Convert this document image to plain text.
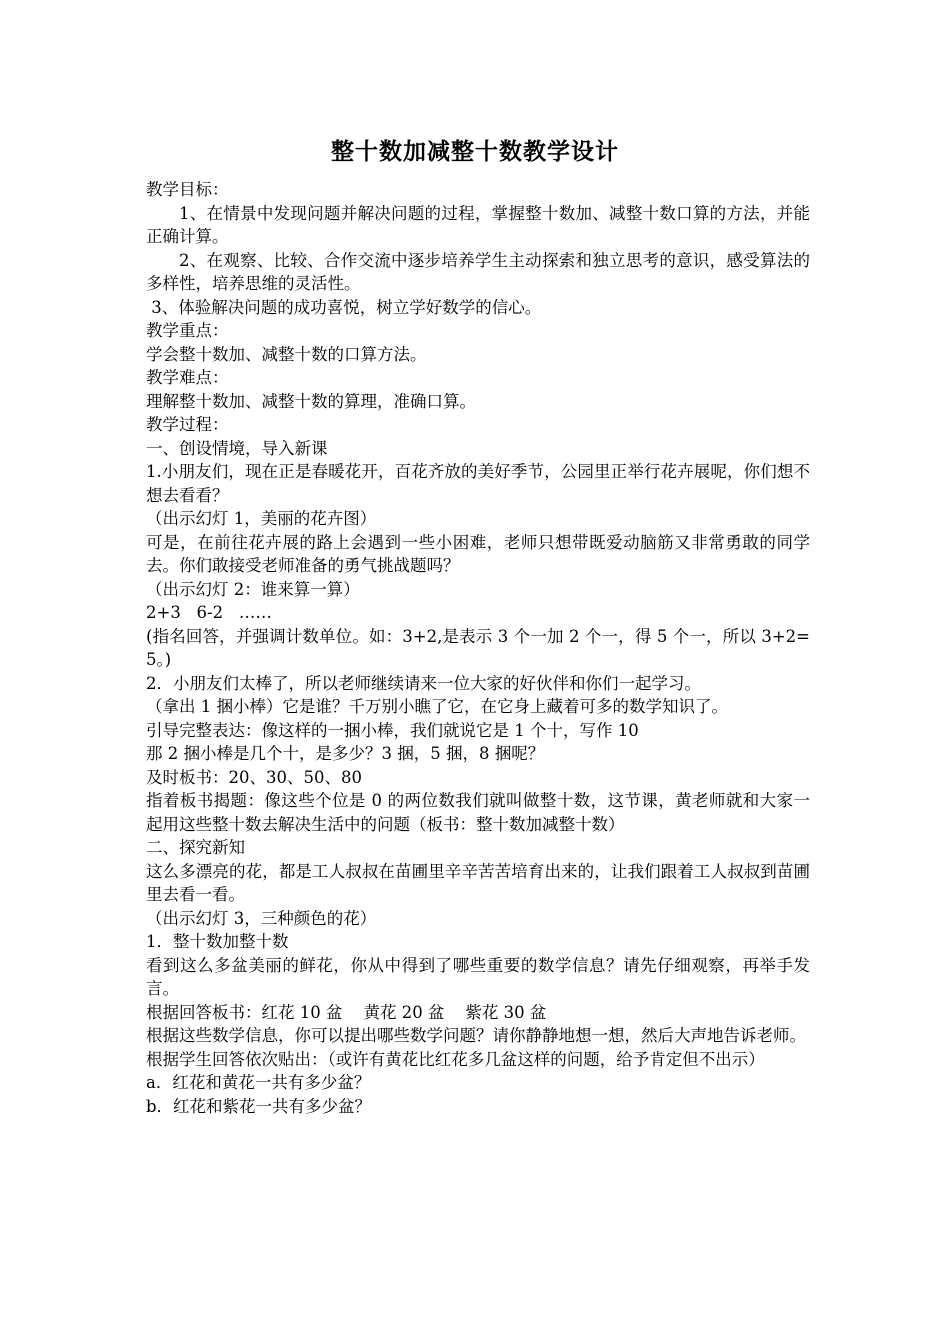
整十数加减整十数教学设计

教学目标：

1、在情景中发现问题并解决问题的过程，掌握整十数加、减整十数口算的方法，并能正确计算。

2、在观察、比较、合作交流中逐步培养学生主动探索和独立思考的意识，感受算法的多样性，培养思维的灵活性。

3、体验解决问题的成功喜悦，树立学好数学的信心。

教学重点：

学会整十数加、减整十数的口算方法。

教学难点：

理解整十数加、减整十数的算理，准确口算。

教学过程：

一、创设情境，导入新课

1.小朋友们，现在正是春暖花开，百花齐放的美好季节，公园里正举行花卉展呢，你们想不想去看看？

（出示幻灯 1，美丽的花卉图）

可是，在前往花卉展的路上会遇到一些小困难，老师只想带既爱动脑筋又非常勇敢的同学去。你们敢接受老师准备的勇气挑战题吗？

（出示幻灯 2：谁来算一算）

2+3   6-2   ……

(指名回答，并强调计数单位。如：3+2,是表示 3 个一加 2 个一，得 5 个一，所以 3+2=5。)

2．小朋友们太棒了，所以老师继续请来一位大家的好伙伴和你们一起学习。

（拿出 1 捆小棒）它是谁？千万别小瞧了它，在它身上藏着可多的数学知识了。

引导完整表达：像这样的一捆小棒，我们就说它是 1 个十，写作 10

那 2 捆小棒是几个十，是多少？3 捆，5 捆，8 捆呢？

及时板书：20、30、50、80

指着板书揭题：像这些个位是 0 的两位数我们就叫做整十数，这节课，黄老师就和大家一起用这些整十数去解决生活中的问题（板书：整十数加减整十数）

二、探究新知

这么多漂亮的花，都是工人叔叔在苗圃里辛辛苦苦培育出来的，让我们跟着工人叔叔到苗圃里去看一看。

（出示幻灯 3，三种颜色的花）

1．整十数加整十数

看到这么多盆美丽的鲜花，你从中得到了哪些重要的数学信息？请先仔细观察，再举手发言。

根据回答板书：红花 10 盆    黄花 20 盆    紫花 30 盆

根据这些数学信息，你可以提出哪些数学问题？请你静静地想一想，然后大声地告诉老师。

根据学生回答依次贴出：（或许有黄花比红花多几盆这样的问题，给予肯定但不出示）

a．红花和黄花一共有多少盆？

b．红花和紫花一共有多少盆？
